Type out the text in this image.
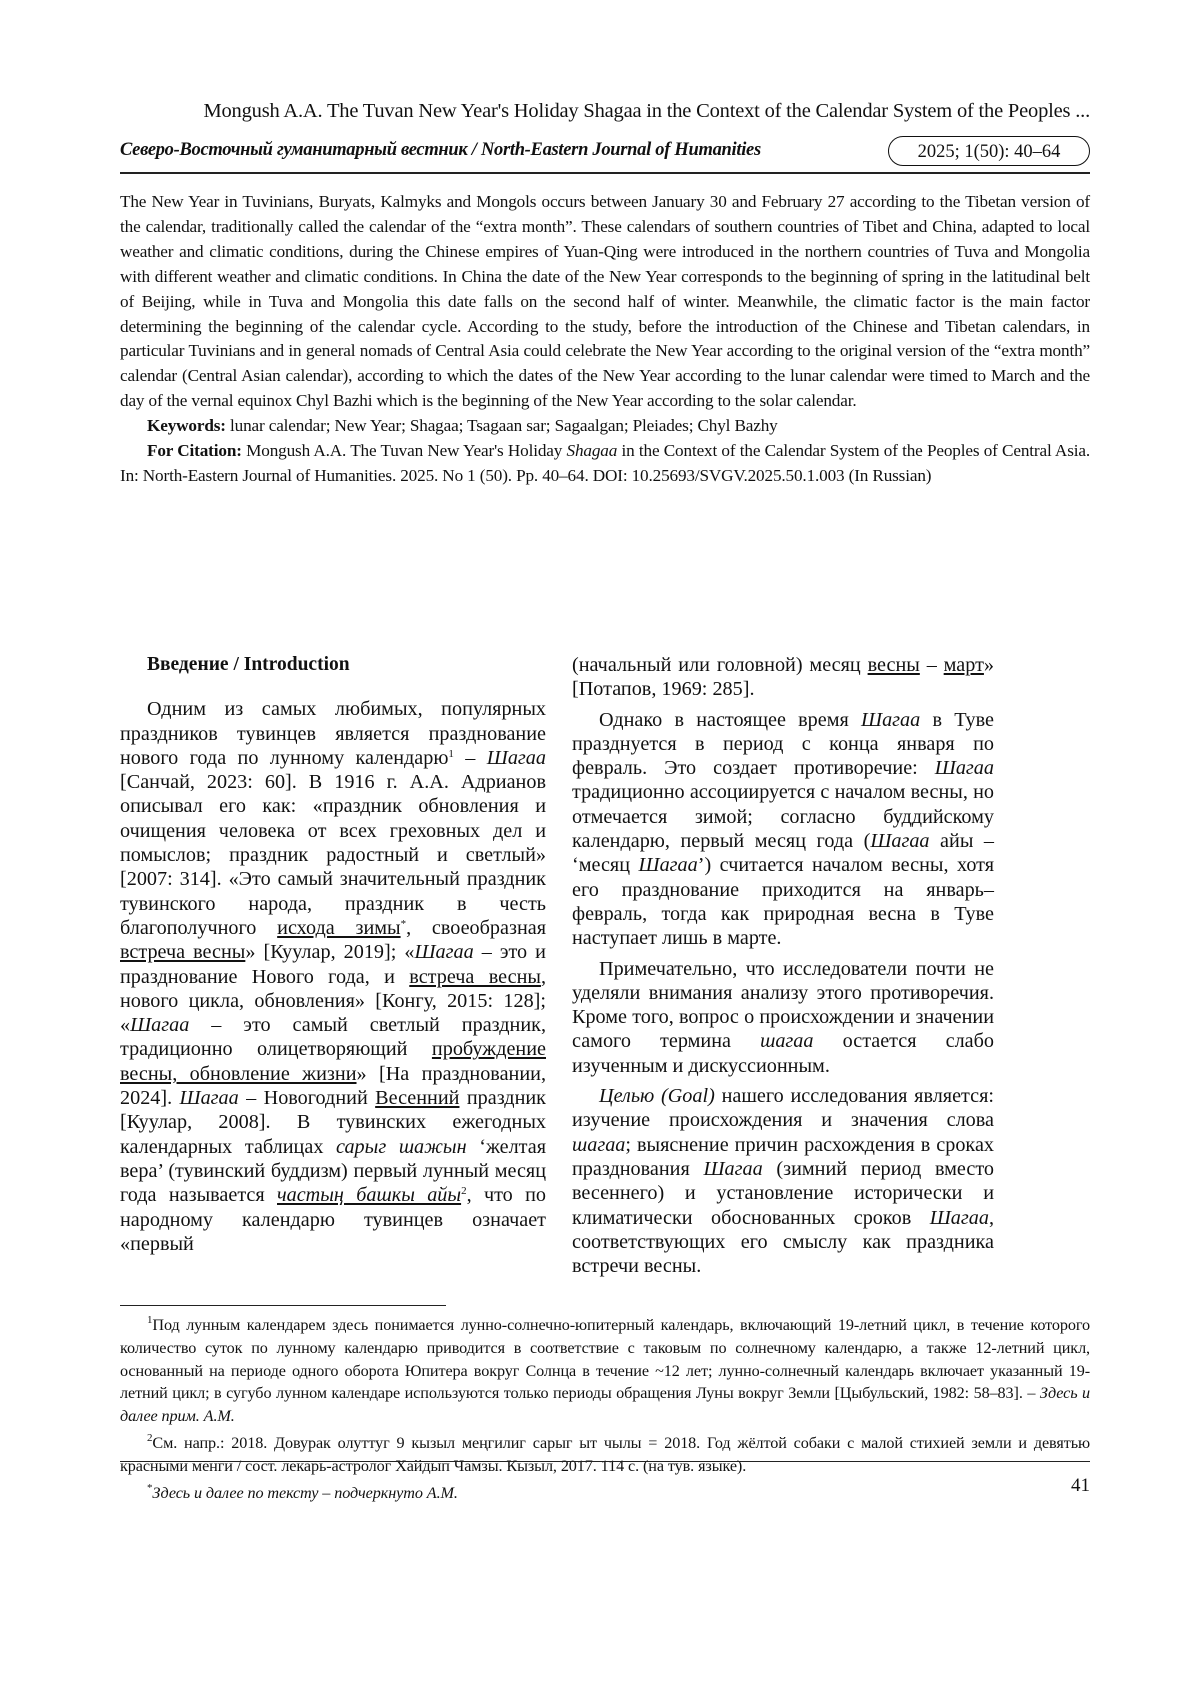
Mongush A.A. The Tuvan New Year's Holiday Shagaa in the Context of the Calendar System of the Peoples ...
Северо-Восточный гуманитарный вестник / North-Eastern Journal of Humanities	2025; 1(50): 40–64

The New Year in Tuvinians, Buryats, Kalmyks and Mongols occurs between January 30 and February 27 according to the Tibetan version of the calendar, traditionally called the calendar of the “extra month”. These calendars of southern countries of Tibet and China, adapted to local weather and climatic conditions, during the Chinese empires of Yuan-Qing were introduced in the northern countries of Tuva and Mongolia with different weather and climatic conditions. In China the date of the New Year corresponds to the beginning of spring in the latitudinal belt of Beijing, while in Tuva and Mongolia this date falls on the second half of winter. Meanwhile, the climatic factor is the main factor determining the beginning of the calendar cycle. According to the study, before the introduction of the Chinese and Tibetan calendars, in particular Tuvinians and in general nomads of Central Asia could celebrate the New Year according to the original version of the “extra month” calendar (Central Asian calendar), according to which the dates of the New Year according to the lunar calendar were timed to March and the day of the vernal equinox Chyl Bazhi which is the beginning of the New Year according to the solar calendar.

Keywords: lunar calendar; New Year; Shagaa; Tsagaan sar; Sagaalgan; Pleiades; Chyl Bazhy

For Citation: Mongush A.A. The Tuvan New Year's Holiday Shagaa in the Context of the Calendar System of the Peoples of Central Asia. In: North-Eastern Journal of Humanities. 2025. No 1 (50). Pp. 40–64. DOI: 10.25693/SVGV.2025.50.1.003 (In Russian)

Введение / Introduction

Одним из самых любимых, популярных праздников тувинцев является празднование нового года по лунному календарю$^1$ – Шагаа [Санчай, 2023: 60]. В 1916 г. А.А. Адрианов описывал его как: «праздник обновления и очищения человека от всех греховных дел и помыслов; праздник радостный и светлый» [2007: 314]. «Это самый значительный праздник тувинского народа, праздник в честь благополучного исхода зимы*, своеобразная встреча весны» [Куулар, 2019]; «Шагаа – это и празднование Нового года, и встреча весны, нового цикла, обновления» [Конгу, 2015: 128]; «Шагаа – это самый светлый праздник, традиционно олицетворяющий пробуждение весны, обновление жизни» [На праздновании, 2024]. Шагаа – Новогодний Весенний праздник [Куулар, 2008]. В тувинских ежегодных календарных таблицах сарыг шажын ‘желтая вера’ (тувинский буддизм) первый лунный месяц года называется частың башкы айы$^2$, что по народному календарю тувинцев означает «первый

(начальный или головной) месяц весны – март» [Потапов, 1969: 285].

Однако в настоящее время Шагаа в Туве празднуется в период с конца января по февраль. Это создает противоречие: Шагаа традиционно ассоциируется с началом весны, но отмечается зимой; согласно буддийскому календарю, первый месяц года (Шагаа айы – ‘месяц Шагаа’) считается началом весны, хотя его празднование приходится на январь–февраль, тогда как природная весна в Туве наступает лишь в марте.

Примечательно, что исследователи почти не уделяли внимания анализу этого противоречия. Кроме того, вопрос о происхождении и значении самого термина шагаа остается слабо изученным и дискуссионным.

Целью (Goal) нашего исследования является: изучение происхождения и значения слова шагаа; выяснение причин расхождения в сроках празднования Шагаа (зимний период вместо весеннего) и установление исторически и климатически обоснованных сроков Шагаа, соответствующих его смыслу как праздника встречи весны.

$^1$Под лунным календарем здесь понимается лунно-солнечно-юпитерный календарь, включающий 19-летний цикл, в течение которого количество суток по лунному календарю приводится в соответствие с таковым по солнечному календарю, а также 12-летний цикл, основанный на периоде одного оборота Юпитера вокруг Солнца в течение ~12 лет; лунно-солнечный календарь включает указанный 19-летний цикл; в сугубо лунном календаре используются только периоды обращения Луны вокруг Земли [Цыбульский, 1982: 58–83]. – Здесь и далее прим. А.М.

$^2$См. напр.: 2018. Довурак олуттуг 9 кызыл меңгилиг сарыг ыт чылы = 2018. Год жёлтой собаки с малой стихией земли и девятью красными менги / сост. лекарь-астролог Хайдып Чамзы. Кызыл, 2017. 114 с. (на тув. языке).

*Здесь и далее по тексту – подчеркнуто А.М.	41
